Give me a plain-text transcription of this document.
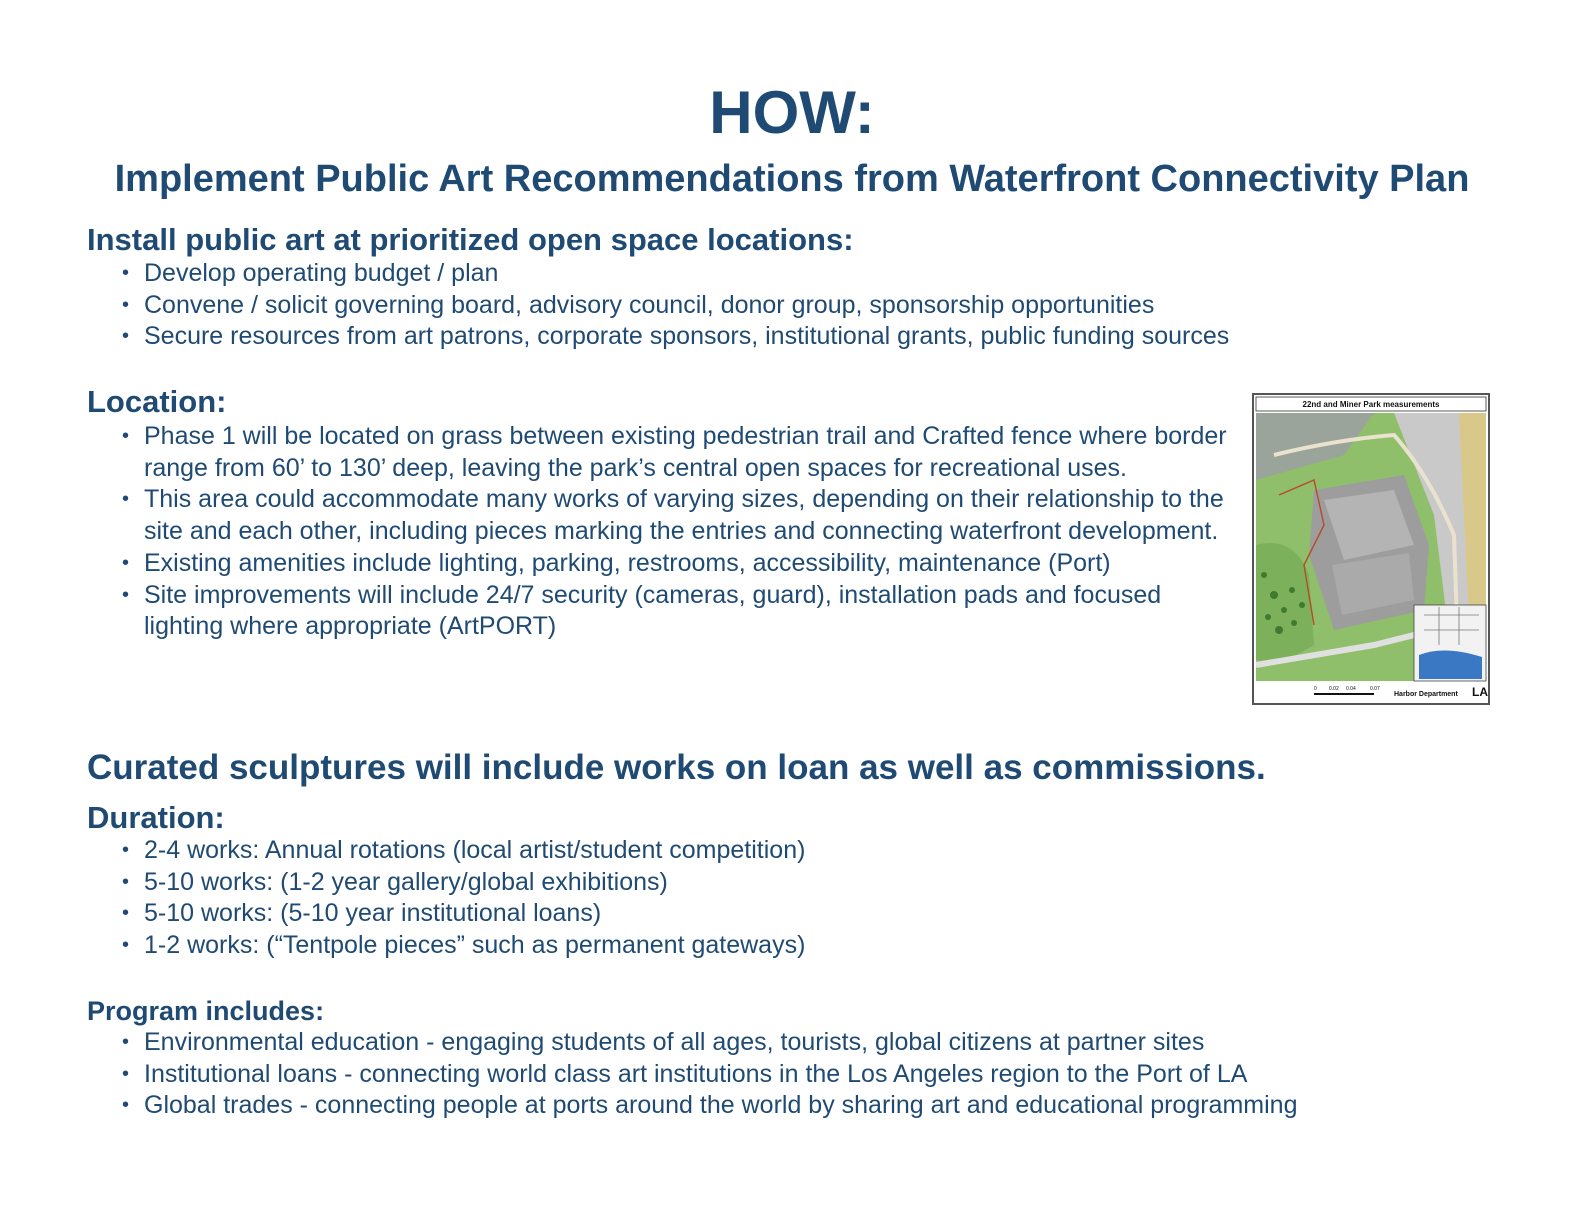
HOW:
Implement Public Art Recommendations from Waterfront Connectivity Plan
Install public art at prioritized open space locations:
• Develop operating budget / plan
• Convene / solicit governing board, advisory council, donor group, sponsorship opportunities
• Secure resources from art patrons, corporate sponsors, institutional grants, public funding sources
Location:
• Phase 1 will be located on grass between existing pedestrian trail and Crafted fence where border range from 60’ to 130’ deep, leaving the park’s central open spaces for recreational uses.
• This area could accommodate many works of varying sizes, depending on their relationship to the site and each other, including pieces marking the entries and connecting waterfront development.
• Existing amenities include lighting, parking, restrooms, accessibility, maintenance (Port)
• Site improvements will include 24/7 security (cameras, guard), installation pads and focused lighting where appropriate (ArtPORT)
22nd and Miner Park measurements
0 0.02 0.04	0.07
Harbor Department LA
Curated sculptures will include works on loan as well as commissions.
Duration:
• 2-4 works: Annual rotations (local artist/student competition)
• 5-10 works: (1-2 year gallery/global exhibitions)
• 5-10 works: (5-10 year institutional loans)
• 1-2 works: (“Tentpole pieces” such as permanent gateways)
Program includes:
• Environmental education - engaging students of all ages, tourists, global citizens at partner sites
• Institutional loans - connecting world class art institutions in the Los Angeles region to the Port of LA
• Global trades - connecting people at ports around the world by sharing art and educational programming
